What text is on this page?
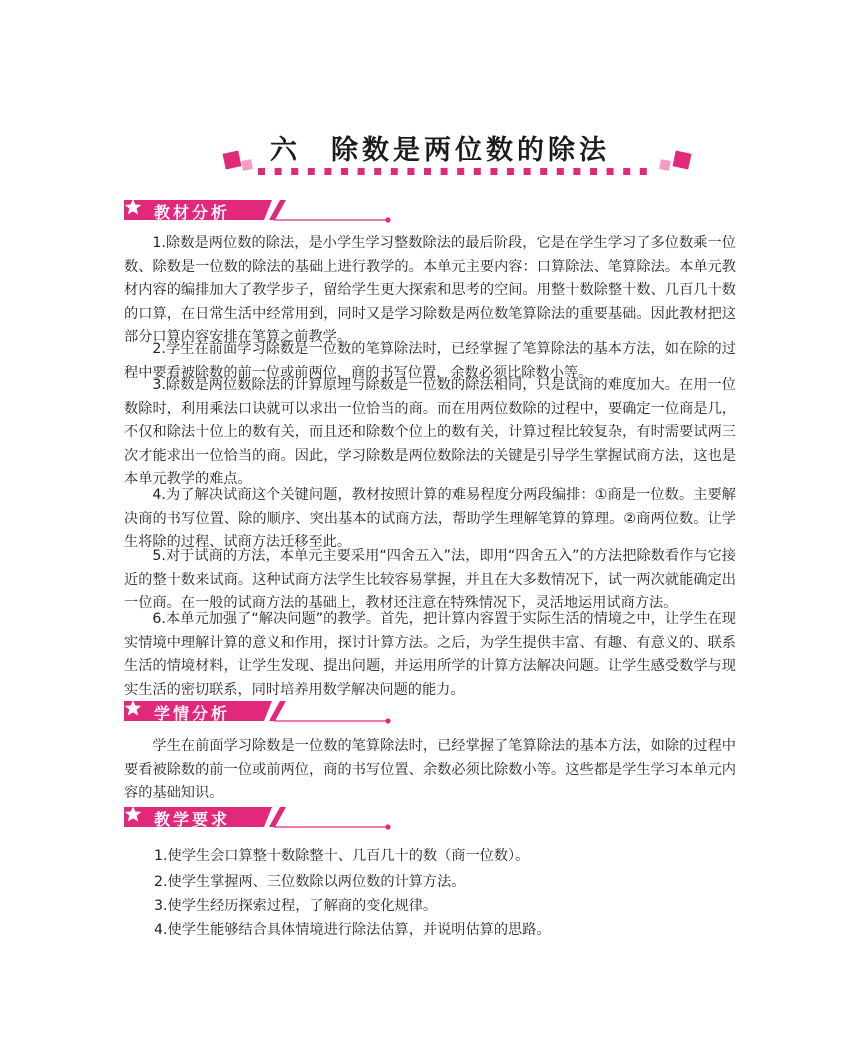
六 除数是两位数的除法
教材分析

1.除数是两位数的除法，是小学生学习整数除法的最后阶段，它是在学生学习了多位数乘一位数、除数是一位数的除法的基础上进行教学的。本单元主要内容：口算除法、笔算除法。本单元教材内容的编排加大了教学步子，留给学生更大探索和思考的空间。用整十数除整十数、几百几十数的口算，在日常生活中经常用到，同时又是学习除数是两位数笔算除法的重要基础。因此教材把这部分口算内容安排在笔算之前教学。

2.学生在前面学习除数是一位数的笔算除法时，已经掌握了笔算除法的基本方法，如在除的过程中要看被除数的前一位或前两位，商的书写位置，余数必须比除数小等。

3.除数是两位数除法的计算原理与除数是一位数的除法相同，只是试商的难度加大。在用一位数除时，利用乘法口诀就可以求出一位恰当的商。而在用两位数除的过程中，要确定一位商是几，不仅和除法十位上的数有关，而且还和除数个位上的数有关，计算过程比较复杂，有时需要试两三次才能求出一位恰当的商。因此，学习除数是两位数除法的关键是引导学生掌握试商方法，这也是本单元教学的难点。

4.为了解决试商这个关键问题，教材按照计算的难易程度分两段编排：①商是一位数。主要解决商的书写位置、除的顺序、突出基本的试商方法，帮助学生理解笔算的算理。②商两位数。让学生将除的过程、试商方法迁移至此。

5.对于试商的方法，本单元主要采用“四舍五入”法，即用“四舍五入”的方法把除数看作与它接近的整十数来试商。这种试商方法学生比较容易掌握，并且在大多数情况下，试一两次就能确定出一位商。在一般的试商方法的基础上，教材还注意在特殊情况下，灵活地运用试商方法。

6.本单元加强了“解决问题”的教学。首先，把计算内容置于实际生活的情境之中，让学生在现实情境中理解计算的意义和作用，探讨计算方法。之后，为学生提供丰富、有趣、有意义的、联系生活的情境材料，让学生发现、提出问题，并运用所学的计算方法解决问题。让学生感受数学与现实生活的密切联系，同时培养用数学解决问题的能力。

学情分析

学生在前面学习除数是一位数的笔算除法时，已经掌握了笔算除法的基本方法，如除的过程中要看被除数的前一位或前两位，商的书写位置、余数必须比除数小等。这些都是学生学习本单元内容的基础知识。

教学要求

1.使学生会口算整十数除整十、几百几十的数（商一位数）。

2.使学生掌握两、三位数除以两位数的计算方法。

3.使学生经历探索过程，了解商的变化规律。

4.使学生能够结合具体情境进行除法估算，并说明估算的思路。
